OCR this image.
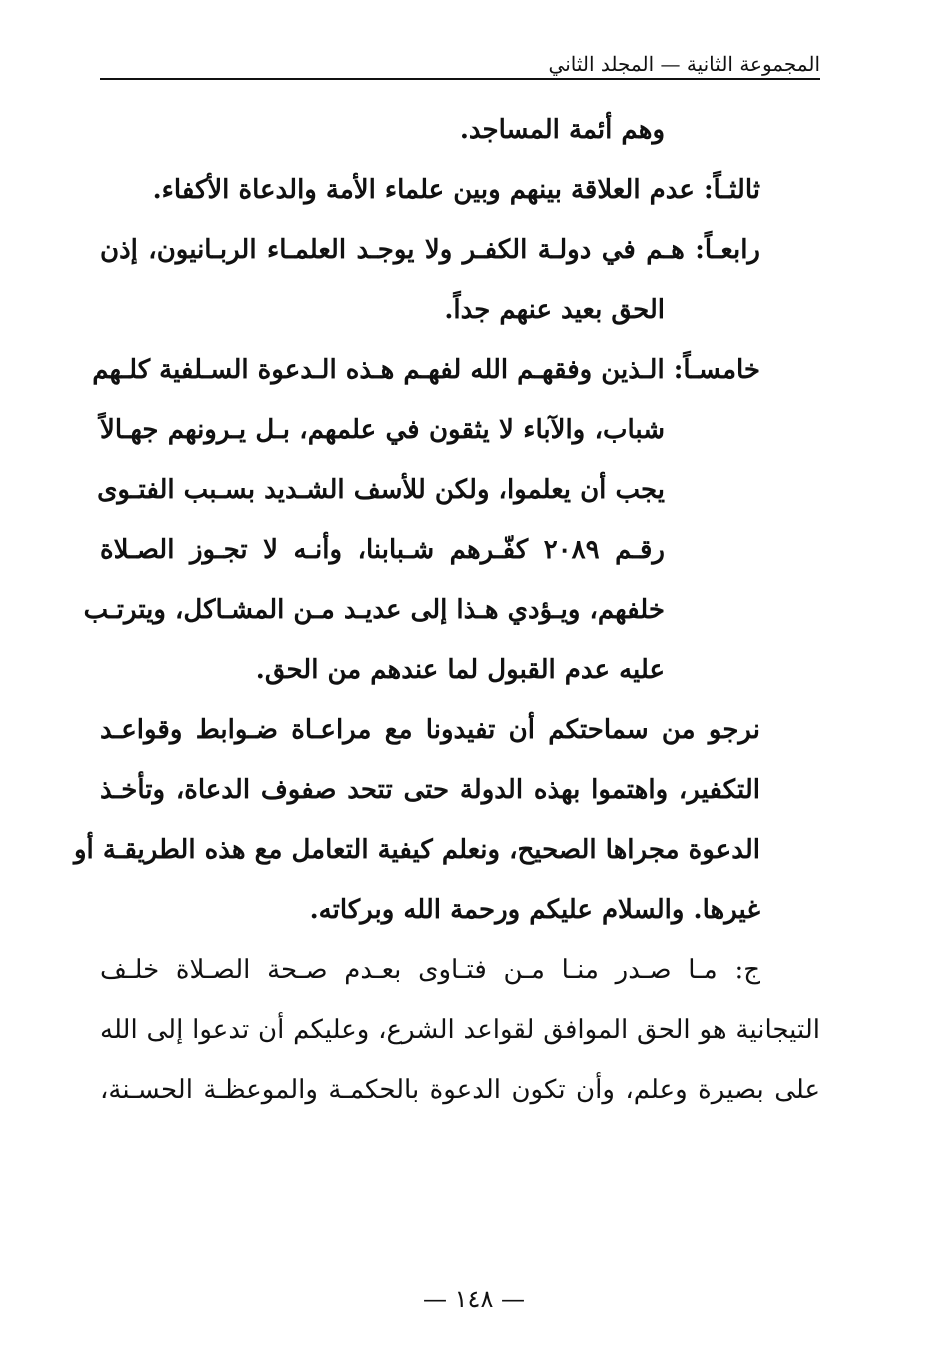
المجموعة الثانية — المجلد الثاني
وهم أئمة المساجد.
ثالثـاً: عدم العلاقة بينهم وبين علماء الأمة والدعاة الأكفاء.
رابعـاً: هـم في دولـة الكفـر ولا يوجـد العلمـاء الربـانيون، إذن
الحق بعيد عنهم جداً.
خامسـاً: الـذين وفقهـم الله لفهـم هـذه الـدعوة السـلفية كلـهم
شباب، والآباء لا يثقون في علمهم، بـل يـرونهم جهـالاً
يجب أن يعلموا، ولكن للأسف الشـديد بسـبب الفتـوى
رقـم ٢٠٨٩ كفّـرهم شـبابنا، وأنـه لا تجـوز الصـلاة
خلفهم، ويـؤدي هـذا إلى عديـد مـن المشـاكل، ويترتـب
عليه عدم القبول لما عندهم من الحق.
نرجو من سماحتكم أن تفيدونا مع مراعـاة ضـوابط وقواعـد
التكفير، واهتموا بهذه الدولة حتى تتحد صفوف الدعاة، وتأخـذ
الدعوة مجراها الصحيح، ونعلم كيفية التعامل مع هذه الطريقـة أو
غيرها. والسلام عليكم ورحمة الله وبركاته.
ج: مـا صـدر منـا مـن فتـاوى بعـدم صـحة الصـلاة خلـف
التيجانية هو الحق الموافق لقواعد الشرع، وعليكم أن تدعوا إلى الله
على بصيرة وعلم، وأن تكون الدعوة بالحكمـة والموعظـة الحسـنة،
— ١٤٨ —
